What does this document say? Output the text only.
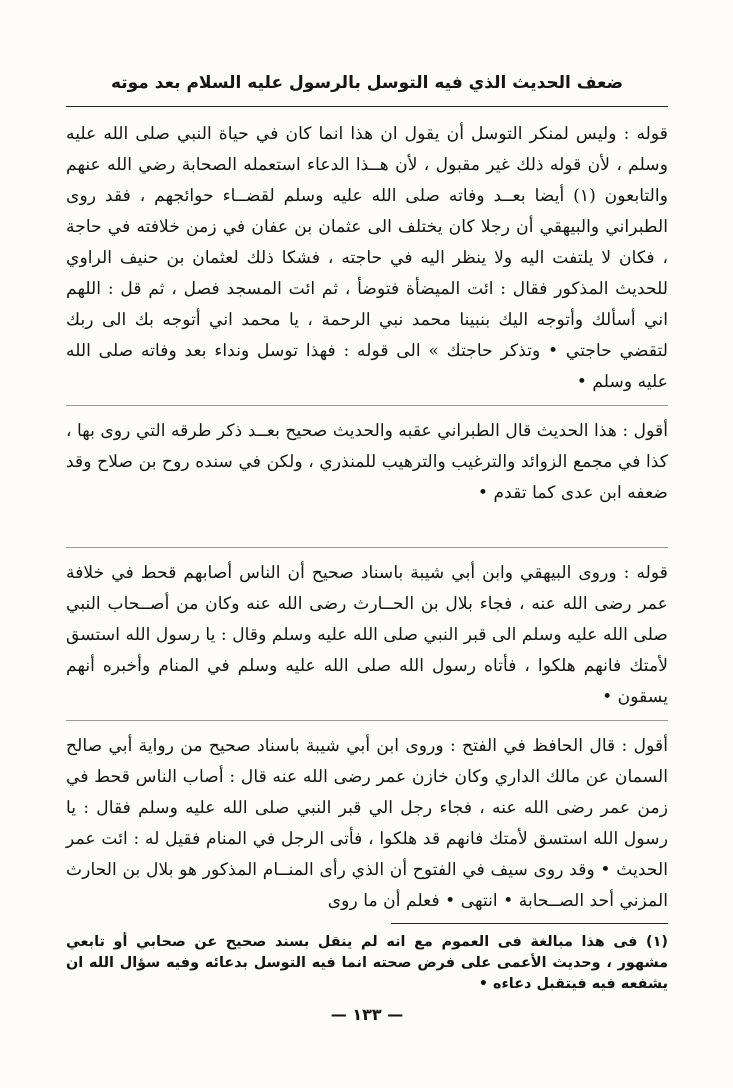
ضعف الحديث الذي فيه التوسل بالرسول عليه السلام بعد موته

قوله : وليس لمنكر التوسل أن يقول ان هذا انما كان في حياة النبي صلى الله عليه وسلم ، لأن قوله ذلك غير مقبول ، لأن هــذا الدعاء استعمله الصحابة رضي الله عنهم والتابعون (١) أيضا بعــد وفاته صلى الله عليه وسلم لقضــاء حوائجهم ، فقد روى الطبراني والبيهقي أن رجلا كان يختلف الى عثمان بن عفان في زمن خلافته في حاجة ، فكان لا يلتفت اليه ولا ينظر اليه في حاجته ، فشكا ذلك لعثمان بن حنيف الراوي للحديث المذكور فقال : ائت الميضأة فتوضأ ، ثم ائت المسجد فصل ، ثم قل : اللهم اني أسألك وأتوجه اليك بنبينا محمد نبي الرحمة ، يا محمد اني أتوجه بك الى ربك لتقضي حاجتي • وتذكر حاجتك » الى قوله : فهذا توسل ونداء بعد وفاته صلى الله عليه وسلم •

أقول : هذا الحديث قال الطبراني عقبه والحديث صحيح بعــد ذكر طرقه التي روى بها ، كذا في مجمع الزوائد والترغيب والترهيب للمنذري ، ولكن في سنده روح بن صلاح وقد ضعفه ابن عدى كما تقدم •

قوله : وروى البيهقي وابن أبي شيبة باسناد صحيح أن الناس أصابهم قحط في خلافة عمر رضى الله عنه ، فجاء بلال بن الحــارث رضى الله عنه وكان من أصــحاب النبي صلى الله عليه وسلم الى قبر النبي صلى الله عليه وسلم وقال : يا رسول الله استسق لأمتك فانهم هلكوا ، فأتاه رسول الله صلى الله عليه وسلم في المنام وأخبره أنهم يسقون •

أقول : قال الحافظ في الفتح : وروى ابن أبي شيبة باسناد صحيح من رواية أبي صالح السمان عن مالك الداري وكان خازن عمر رضى الله عنه قال : أصاب الناس قحط في زمن عمر رضى الله عنه ، فجاء رجل الي قبر النبي صلى الله عليه وسلم فقال : يا رسول الله استسق لأمتك فانهم قد هلكوا ، فأتى الرجل في المنام فقيل له : ائت عمر الحديث • وقد روى سيف في الفتوح أن الذي رأى المنــام المذكور هو بلال بن الحارث المزني أحد الصــحابة • انتهى • فعلم أن ما روى

(١) فى هذا مبالغة فى العموم مع انه لم ينقل بسند صحيح عن صحابي أو تابعي مشهور ، وحديث الأعمى على فرض صحته انما فيه التوسل بدعائه وفيه سؤال الله ان يشفعه فيه فيتقبل دعاءه •
— ١٣٣ —
